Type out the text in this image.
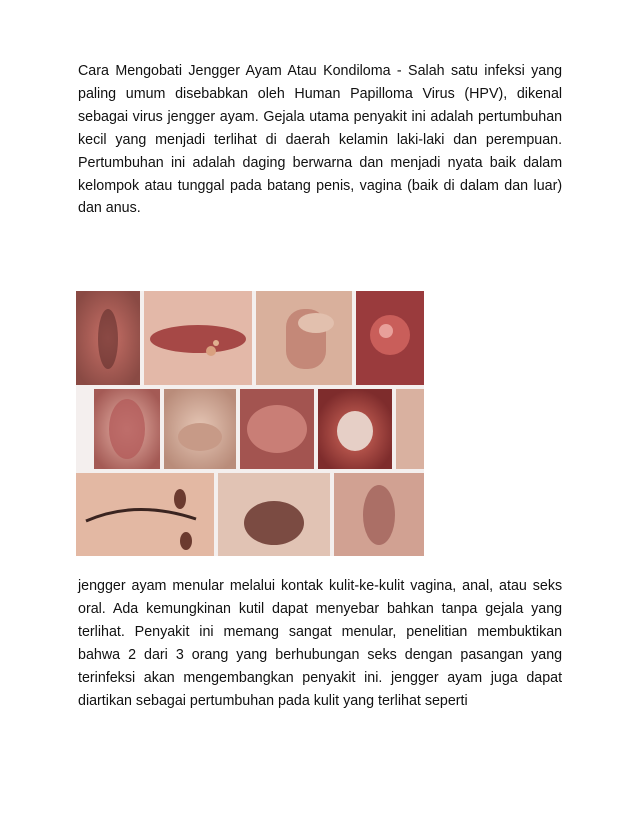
Cara Mengobati Jengger Ayam Atau Kondiloma - Salah satu infeksi yang paling umum disebabkan oleh Human Papilloma Virus (HPV), dikenal sebagai virus jengger ayam. Gejala utama penyakit ini adalah pertumbuhan kecil yang menjadi terlihat di daerah kelamin laki-laki dan perempuan. Pertumbuhan ini adalah daging berwarna dan menjadi nyata baik dalam kelompok atau tunggal pada batang penis, vagina (baik di dalam dan luar) dan anus.

jengger ayam menular melalui kontak kulit-ke-kulit vagina, anal, atau seks oral. Ada kemungkinan kutil dapat menyebar bahkan tanpa gejala yang terlihat. Penyakit ini memang sangat menular, penelitian membuktikan bahwa 2 dari 3 orang yang berhubungan seks dengan pasangan yang terinfeksi akan mengembangkan penyakit ini. jengger ayam juga dapat diartikan sebagai pertumbuhan pada kulit yang terlihat seperti
